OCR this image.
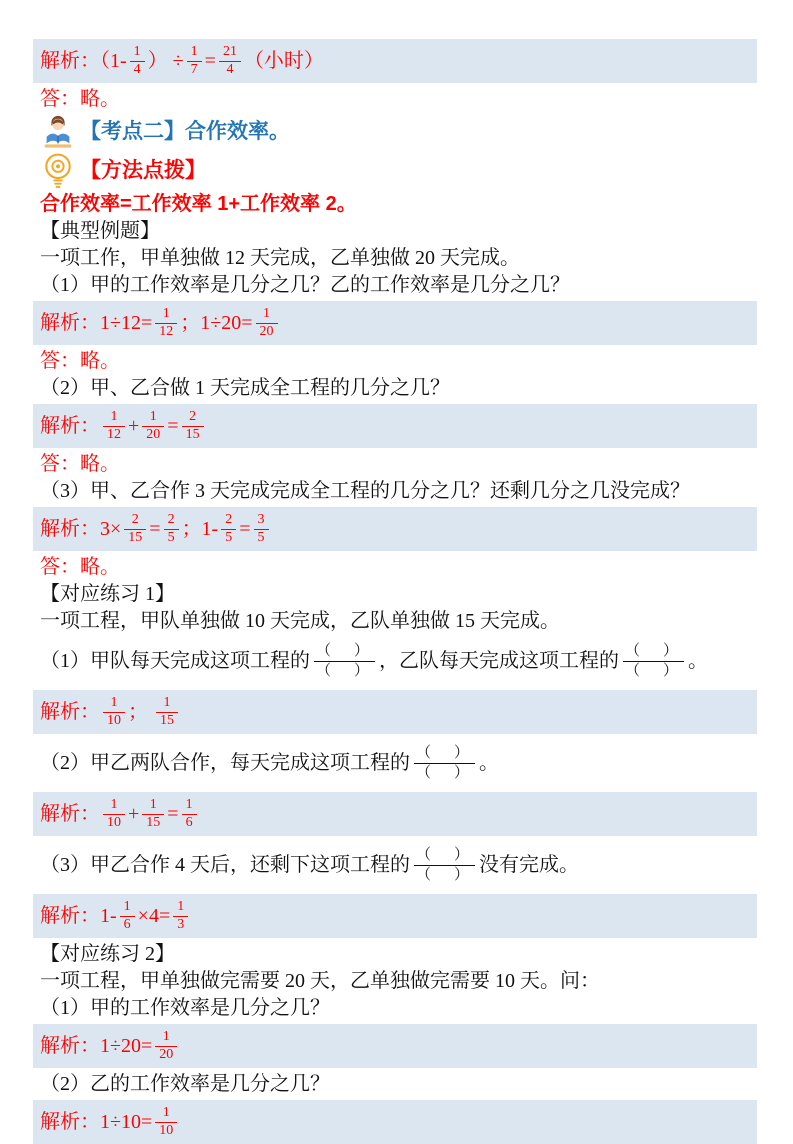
解析：（$1- \frac{1}{4}$ ） ÷ $\frac{1}{7} = \frac{21}{4}$ （小时）
答：略。
【考点二】合作效率。
【方法点拨】
合作效率=工作效率 1+工作效率 2。
【典型例题】
一项工作，甲单独做 12 天完成，乙单独做 20 天完成。
（1）甲的工作效率是几分之几？乙的工作效率是几分之几？
解析：$1\div 12= \frac{1}{12}$ ；$1\div 20= \frac{1}{20}$
答：略。
（2）甲、乙合做 1 天完成全工程的几分之几？
解析： $\frac{1}{12} + \frac{1}{20} = \frac{2}{15}$
答：略。
（3）甲、乙合作 3 天完成完成全工程的几分之几？还剩几分之几没完成？
解析：$3\times \frac{2}{15} = \frac{2}{5}$ ；$1- \frac{2}{5} = \frac{3}{5}$
答：略。
【对应练习 1】
一项工程，甲队单独做 10 天完成，乙队单独做 15 天完成。
（1）甲队每天完成这项工程的 $\frac{( )}{( )}$ ，乙队每天完成这项工程的 $\frac{( )}{( )}$ 。
解析： $\frac{1}{10}$ ； $\frac{1}{15}$
（2）甲乙两队合作，每天完成这项工程的 $\frac{( )}{( )}$ 。
解析： $\frac{1}{10} + \frac{1}{15} = \frac{1}{6}$
（3）甲乙合作 4 天后，还剩下这项工程的 $\frac{( )}{( )}$ 没有完成。
解析：$1- \frac{1}{6} \times 4= \frac{1}{3}$
【对应练习 2】
一项工程，甲单独做完需要 20 天，乙单独做完需要 10 天。问：
（1）甲的工作效率是几分之几？
解析：$1\div 20= \frac{1}{20}$
（2）乙的工作效率是几分之几？
解析：$1\div 10= \frac{1}{10}$
